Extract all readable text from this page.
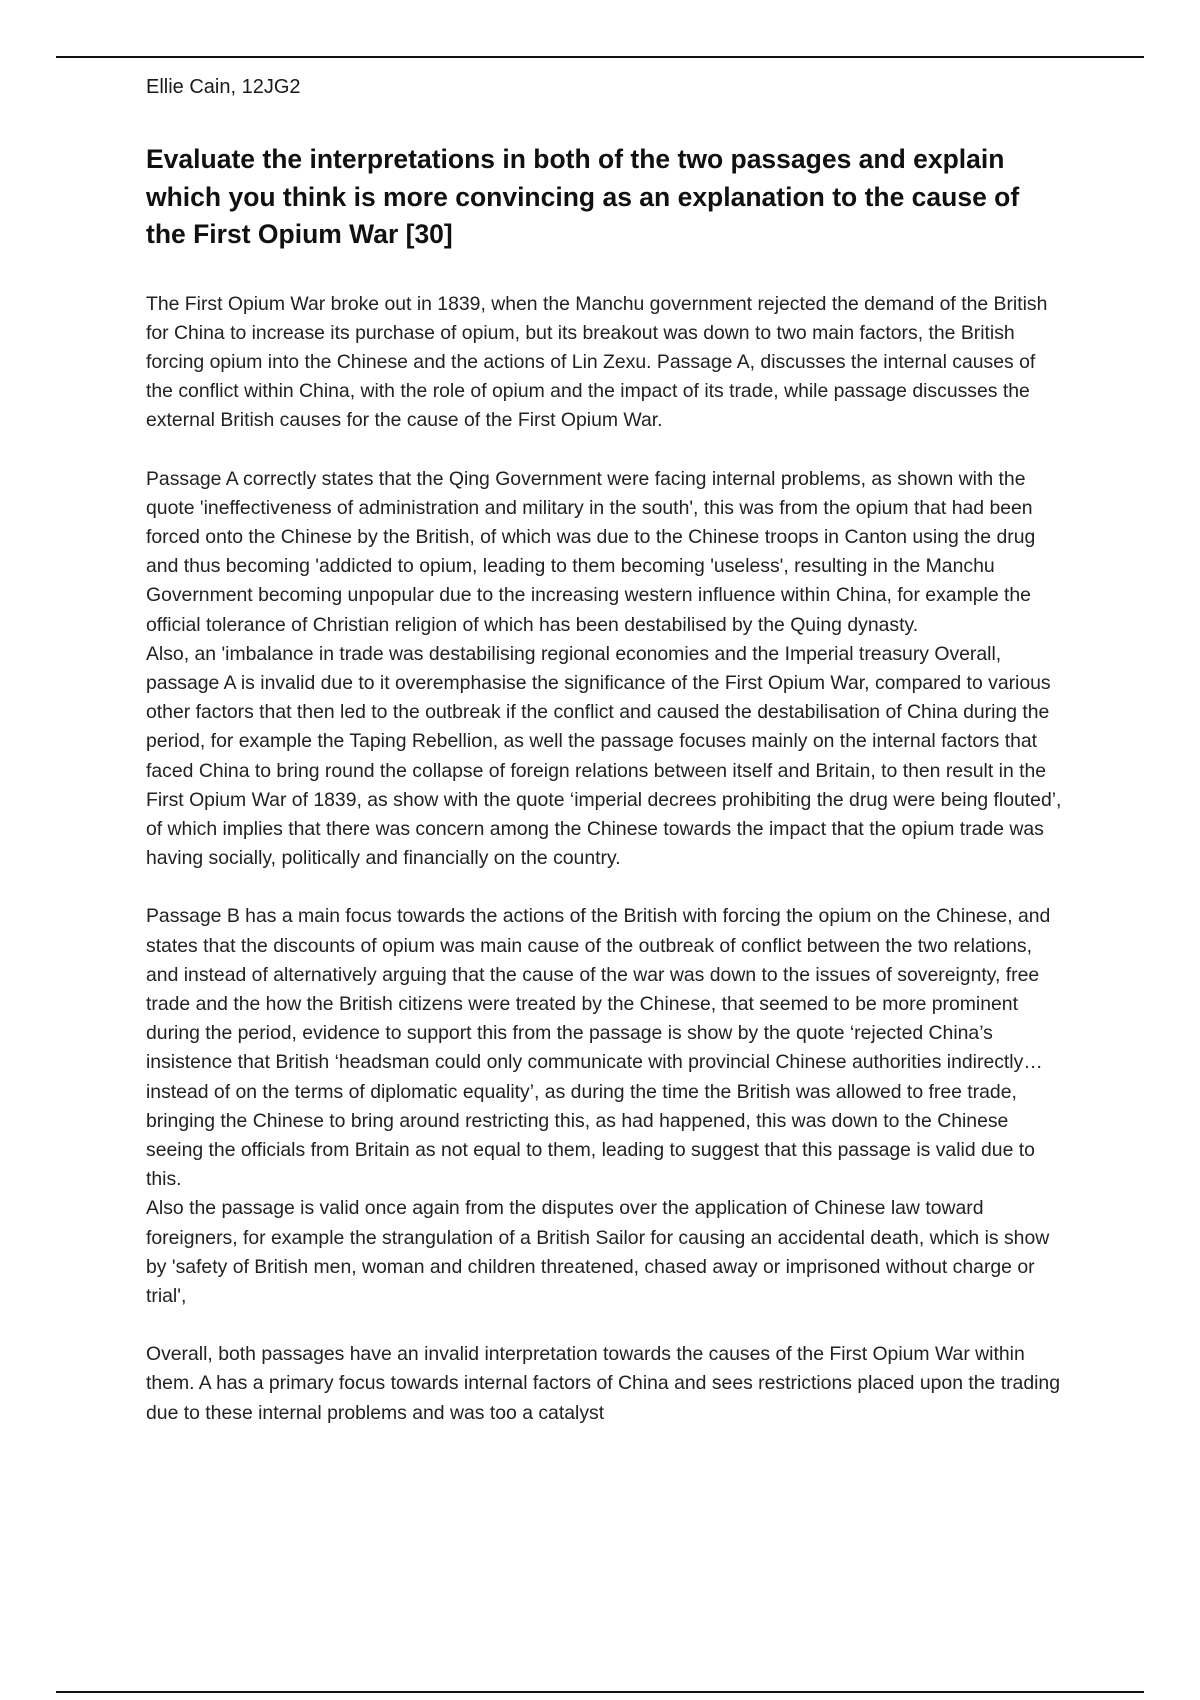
Ellie Cain, 12JG2

Evaluate the interpretations in both of the two passages and explain which you think is more convincing as an explanation to the cause of the First Opium War [30]

The First Opium War broke out in 1839, when the Manchu government rejected the demand of the British for China to increase its purchase of opium, but its breakout was down to two main factors, the British forcing opium into the Chinese and the actions of Lin Zexu. Passage A, discusses the internal causes of the conflict within China, with the role of opium and the impact of its trade, while passage discusses the external British causes for the cause of the First Opium War.

Passage A correctly states that the Qing Government were facing internal problems, as shown with the quote 'ineffectiveness of administration and military in the south', this was from the opium that had been forced onto the Chinese by the British, of which was due to the Chinese troops in Canton using the drug and thus becoming 'addicted to opium, leading to them becoming 'useless', resulting in the Manchu Government becoming unpopular due to the increasing western influence within China, for example the official tolerance of Christian religion of which has been destabilised by the Quing dynasty.

Also, an 'imbalance in trade was destabilising regional economies and the Imperial treasury Overall, passage A is invalid due to it overemphasise the significance of the First Opium War, compared to various other factors that then led to the outbreak if the conflict and caused the destabilisation of China during the period, for example the Taping Rebellion, as well the passage focuses mainly on the internal factors that faced China to bring round the collapse of foreign relations between itself and Britain, to then result in the First Opium War of 1839, as show with the quote ‘imperial decrees prohibiting the drug were being flouted’, of which implies that there was concern among the Chinese towards the impact that the opium trade was having socially, politically and financially on the country.

Passage B has a main focus towards the actions of the British with forcing the opium on the Chinese, and states that the discounts of opium was main cause of the outbreak of conflict between the two relations, and instead of alternatively arguing that the cause of the war was down to the issues of sovereignty, free trade and the how the British citizens were treated by the Chinese, that seemed to be more prominent during the period, evidence to support this from the passage is show by the quote ‘rejected China’s insistence that British ‘headsman could only communicate with provincial Chinese authorities indirectly… instead of on the terms of diplomatic equality’, as during the time the British was allowed to free trade, bringing the Chinese to bring around restricting this, as had happened, this was down to the Chinese seeing the officials from Britain as not equal to them, leading to suggest that this passage is valid due to this.

Also the passage is valid once again from the disputes over the application of Chinese law toward foreigners, for example the strangulation of a British Sailor for causing an accidental death, which is show by 'safety of British men, woman and children threatened, chased away or imprisoned without charge or trial',

Overall, both passages have an invalid interpretation towards the causes of the First Opium War within them. A has a primary focus towards internal factors of China and sees restrictions placed upon the trading due to these internal problems and was too a catalyst
